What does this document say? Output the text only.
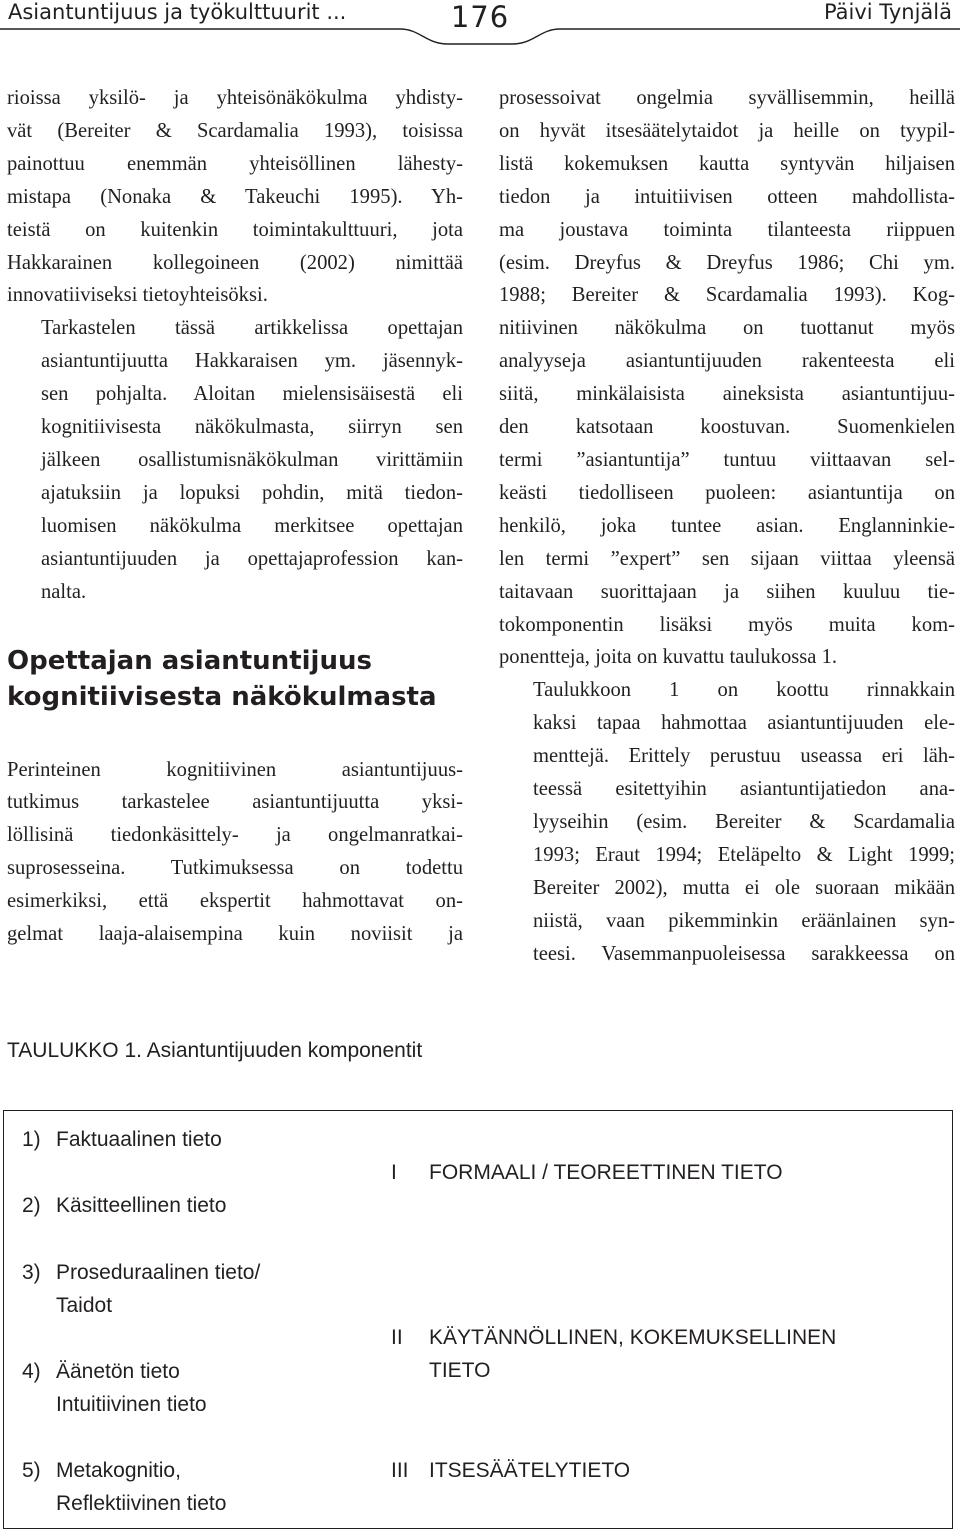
Asiantuntijuus ja työkulttuurit ...	176	Päivi Tynjälä

rioissa yksilö- ja yhteisönäkökulma yhdisty-
vät (Bereiter & Scardamalia 1993), toisissa
painottuu enemmän yhteisöllinen lähesty-
mistapa (Nonaka & Takeuchi 1995). Yh-
teistä on kuitenkin toimintakulttuuri, jota
Hakkarainen kollegoineen (2002) nimittää
innovatiiviseksi tietoyhteisöksi.

Tarkastelen tässä artikkelissa opettajan
asiantuntijuutta Hakkaraisen ym. jäsennyk-
sen pohjalta. Aloitan mielensisäisestä eli
kognitiivisesta näkökulmasta, siirryn sen
jälkeen osallistumisnäkökulman virittämiin
ajatuksiin ja lopuksi pohdin, mitä tiedon-
luomisen näkökulma merkitsee opettajan
asiantuntijuuden ja opettajaprofession kan-
nalta.

Opettajan asiantuntijuus
kognitiivisesta näkökulmasta

Perinteinen kognitiivinen asiantuntijuus-
tutkimus tarkastelee asiantuntijuutta yksi-
löllisinä tiedonkäsittely- ja ongelmanratkai-
suprosesseina. Tutkimuksessa on todettu
esimerkiksi, että ekspertit hahmottavat on-
gelmat laaja-alaisempina kuin noviisit ja

prosessoivat ongelmia syvällisemmin, heillä
on hyvät itsesäätelytaidot ja heille on tyypil-
listä kokemuksen kautta syntyvän hiljaisen
tiedon ja intuitiivisen otteen mahdollista-
ma joustava toiminta tilanteesta riippuen
(esim. Dreyfus & Dreyfus 1986; Chi ym.
1988; Bereiter & Scardamalia 1993). Kog-
nitiivinen näkökulma on tuottanut myös
analyyseja asiantuntijuuden rakenteesta eli
siitä, minkälaisista aineksista asiantuntijuu-
den katsotaan koostuvan. Suomenkielen
termi ”asiantuntija” tuntuu viittaavan sel-
keästi tiedolliseen puoleen: asiantuntija on
henkilö, joka tuntee asian. Englanninkie-
len termi ”expert” sen sijaan viittaa yleensä
taitavaan suorittajaan ja siihen kuuluu tie-
tokomponentin lisäksi myös muita kom-
ponentteja, joita on kuvattu taulukossa 1.

Taulukkoon 1 on koottu rinnakkain
kaksi tapaa hahmottaa asiantuntijuuden ele-
menttejä. Erittely perustuu useassa eri läh-
teessä esitettyihin asiantuntijatiedon ana-
lyyseihin (esim. Bereiter & Scardamalia
1993; Eraut 1994; Eteläpelto & Light 1999;
Bereiter 2002), mutta ei ole suoraan mikään
niistä, vaan pikemminkin eräänlainen syn-
teesi. Vasemmanpuoleisessa sarakkeessa on

TAULUKKO 1. Asiantuntijuuden komponentit
1) Faktuaalinen tieto
2) Käsitteellinen tieto
3) Proseduraalinen tieto/
Taidot
4) Äänetön tieto
Intuitiivinen tieto
5) Metakognitio,
Reflektiivinen tieto
I FORMAALI / TEOREETTINEN TIETO
II KÄYTÄNNÖLLINEN, KOKEMUKSELLINEN
TIETO
III ITSESÄÄTELYTIETO
